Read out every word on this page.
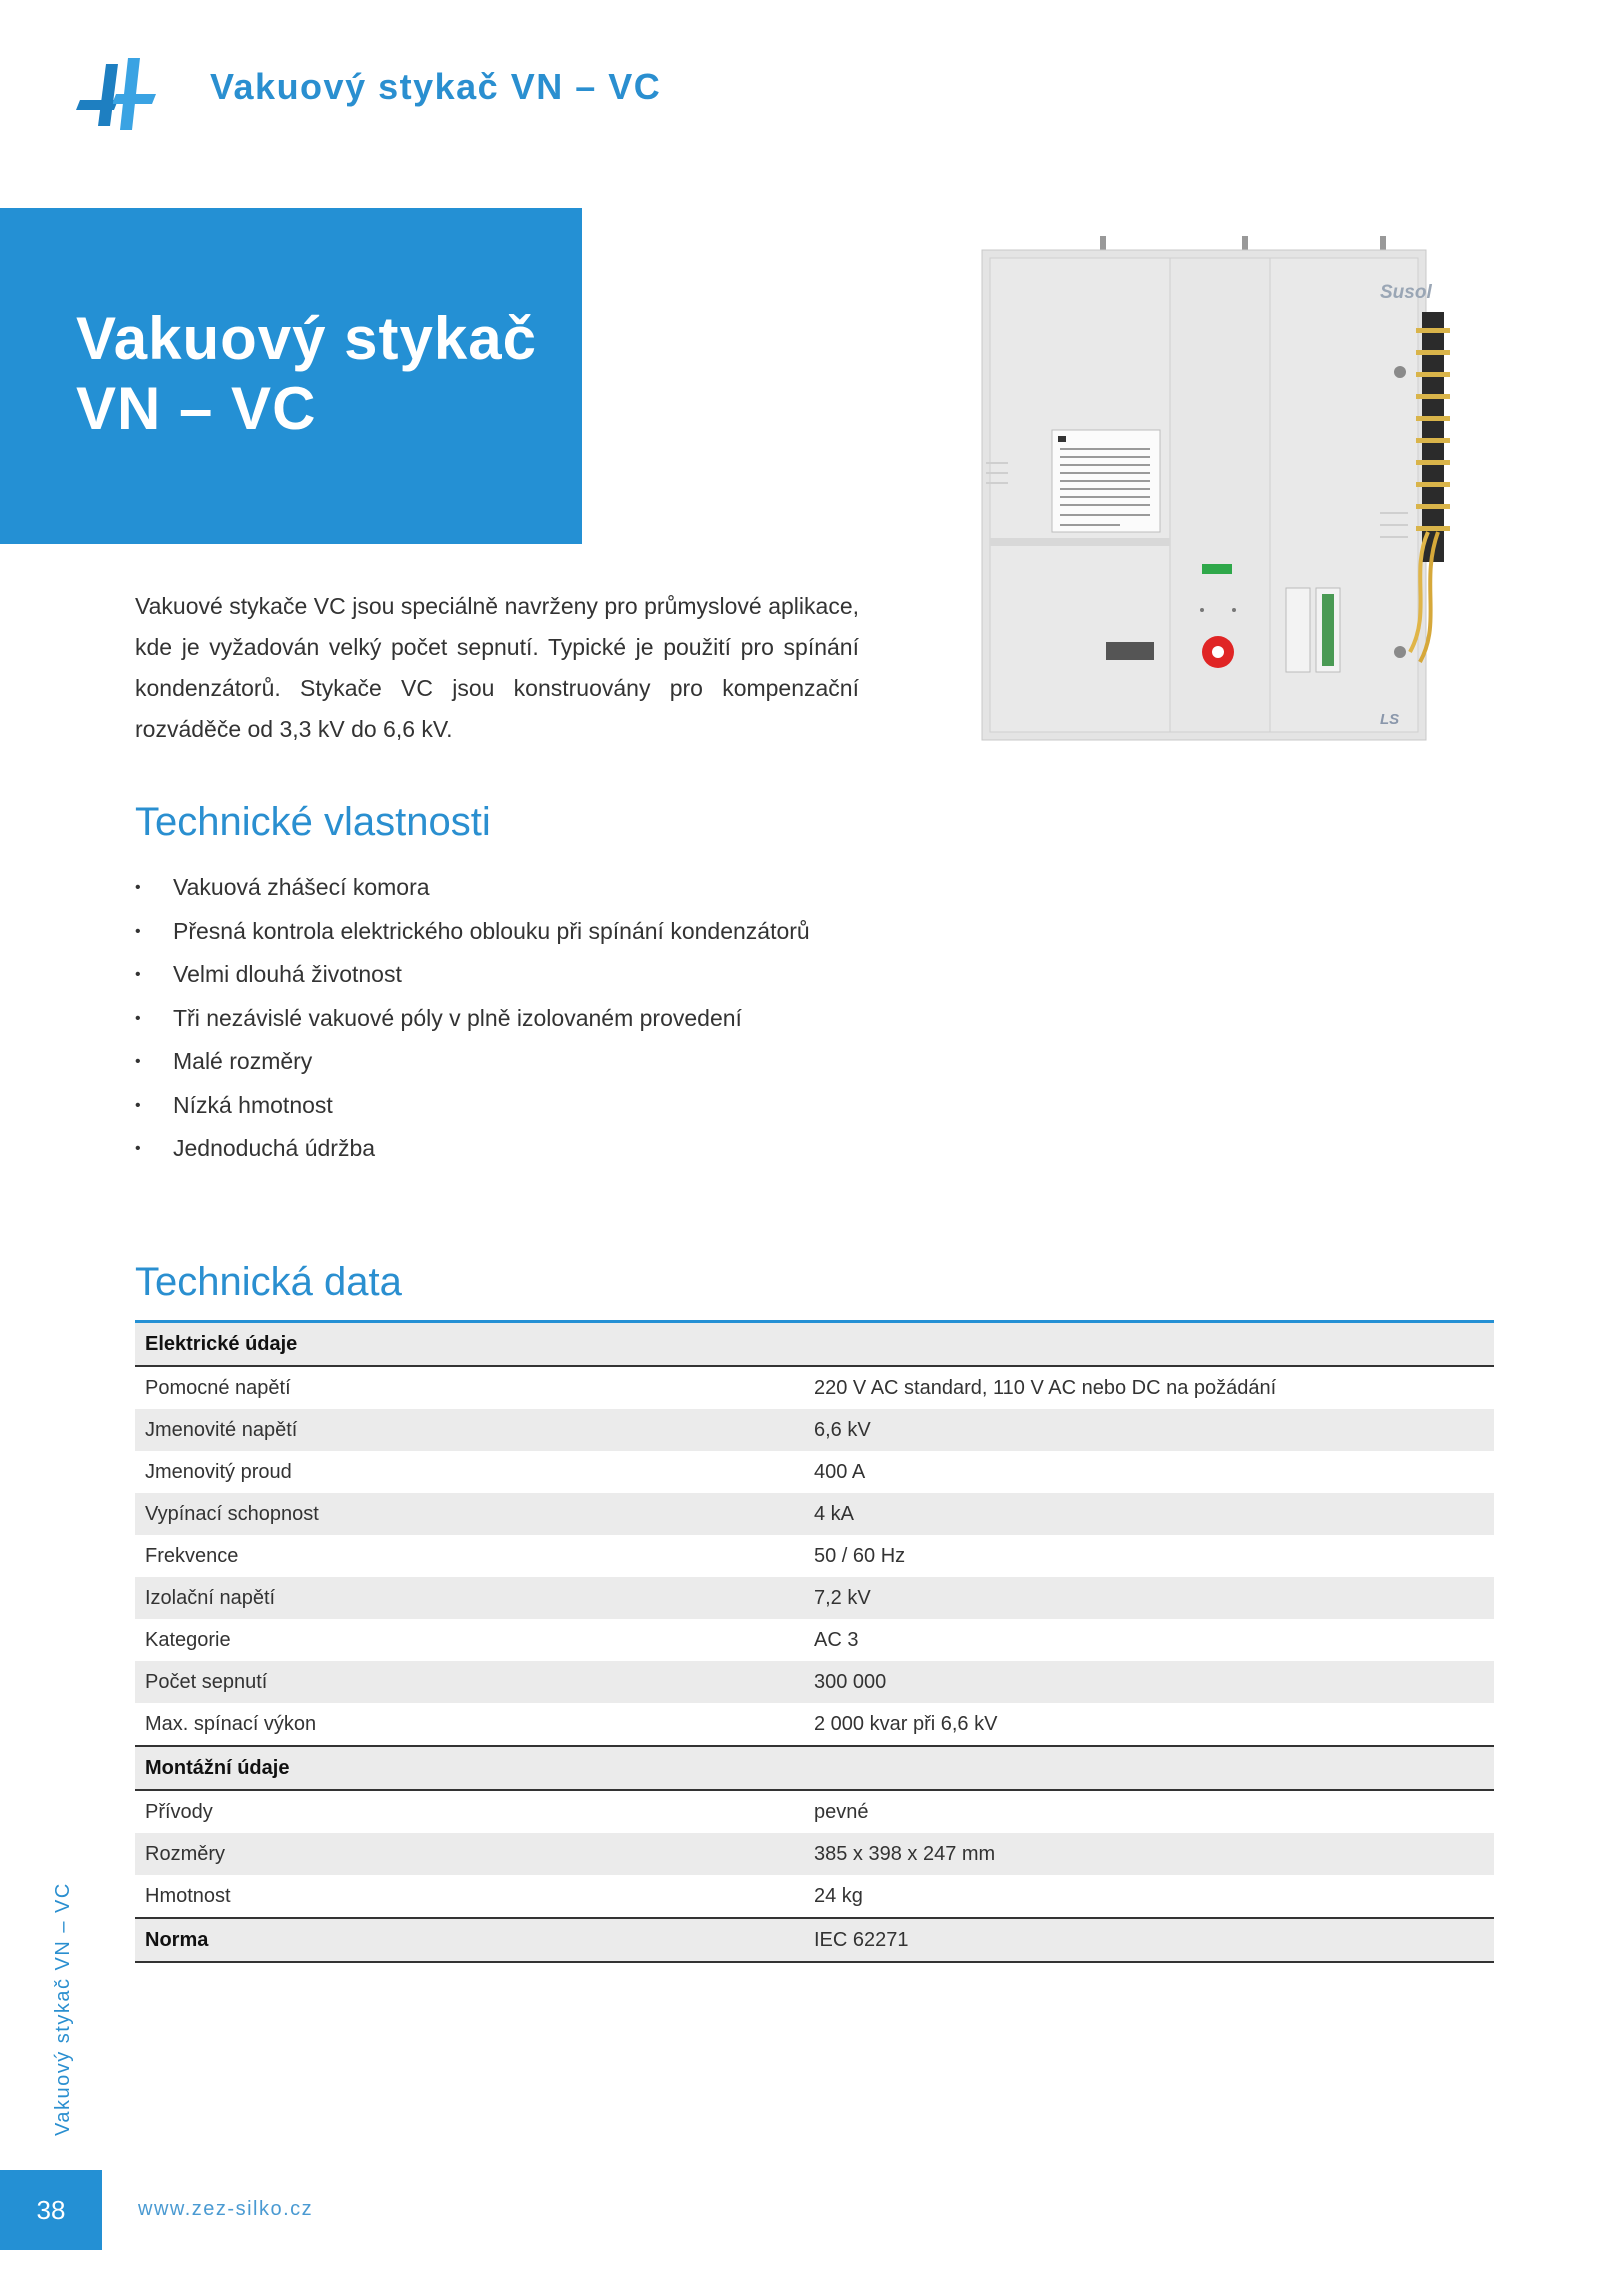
Vakuový stykač VN – VC
Vakuový stykač
VN – VC
Susol
LS

Vakuové stykače VC jsou speciálně navrženy pro průmyslové aplikace, kde je vyžadován velký počet sepnutí. Typické je použití pro spínání kondenzátorů. Stykače VC jsou konstruovány pro kompenzační rozváděče od 3,3 kV do 6,6 kV.

Technické vlastnosti
• Vakuová zhášecí komora
• Přesná kontrola elektrického oblouku při spínání kondenzátorů
• Velmi dlouhá životnost
• Tři nezávislé vakuové póly v plně izolovaném provedení
• Malé rozměry
• Nízká hmotnost
• Jednoduchá údržba
Technická data
Elektrické údaje	
Pomocné napětí	220 V AC standard, 110 V AC nebo DC na požádání
Jmenovité napětí	6,6 kV
Jmenovitý proud	400 A
Vypínací schopnost	4 kA
Frekvence	50 / 60 Hz
Izolační napětí	7,2 kV
Kategorie	AC 3
Počet sepnutí	300 000
Max. spínací výkon	2 000 kvar při 6,6 kV
Montážní údaje	
Přívody	pevné
Rozměry	385 x 398 x 247 mm
Hmotnost	24 kg
Norma	IEC 62271
Vakuový stykač VN – VC
38	www.zez-silko.cz
